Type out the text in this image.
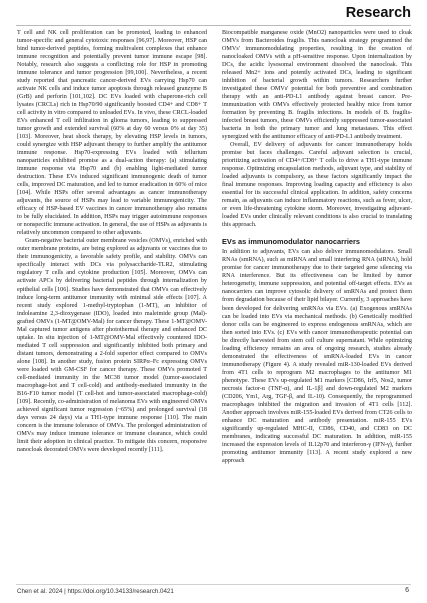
Research

T cell and NK cell proliferation can be promoted, leading to enhanced tumor-specific and general cytotoxic responses [96,97]. Moreover, HSP can bind tumor-derived peptides, forming multivalent complexes that enhance immune recognition and potentially prevent tumor immune escape [98]. Notably, research also suggests a conflicting role for HSP in promoting immune tolerance and tumor progression [99,100]. Nevertheless, a recent study reported that pancreatic cancer-derived EVs carrying Hsp70 can activate NK cells and induce tumor apoptosis through released granzyme B (GrB) and perforin [101,102]. DC EVs loaded with chaperone-rich cell lysates (CRCLs) rich in Hsp70/90 significantly boosted CD4+ and CD8+ T cell activity in vitro compared to unloaded EVs. In vivo, these CRCL-loaded EVs enhanced T cell infiltration in glioma tumors, leading to suppressed tumor growth and extended survival (60% at day 60 versus 0% at day 35) [103]. Moreover, heat shock therapy, by elevating HSP levels in tumors, could synergize with HSP adjuvant therapy to further amplify the antitumor immune response. Hsp70-expressing EVs loaded with tellurium nanoparticles exhibited promise as a dual-action therapy: (a) stimulating immune response via Hsp70 and (b) enabling light-mediated tumor destruction. These EVs induced significant immunogenic death of tumor cells, improved DC maturation, and led to tumor eradication in 60% of mice [104]. While HSPs offer several advantages as cancer immunotherapy adjuvants, the source of HSPs may lead to variable immunogenicity. The efficacy of HSP-based EV vaccines in cancer immunotherapy also remains to be fully elucidated. In addition, HSPs may trigger autoimmune responses or nonspecific immune activation. In general, the use of HSPs as adjuvants is relatively uncommon compared to other adjuvants.

Gram-negative bacterial outer membrane vesicles (OMVs), enriched with outer membrane proteins, are being explored as adjuvants or vaccines due to their immunogenicity, a favorable safety profile, and stability. OMVs can specifically interact with DCs via polysaccharide-TLR2, stimulating regulatory T cells and cytokine production [105]. Moreover, OMVs can activate APCs by delivering bacterial peptides through internalization by epithelial cells [106]. Studies have demonstrated that OMVs can effectively induce long-term antitumor immunity with minimal side effects [107]. A recent study explored 1-methyl-tryptophan (1-MT), an inhibitor of indoleamine 2,3-dioxygenase (IDO), loaded into maleimide group (Mal)-grafted OMVs (1-MT@OMV-Mal) for cancer therapy. These 1-MT@OMV-Mal captured tumor antigens after photothermal therapy and enhanced DC uptake. In situ injection of 1-MT@OMV-Mal effectively countered IDO-mediated T cell suppression and significantly inhibited both primary and distant tumors, demonstrating a 2-fold superior effect compared to OMVs alone [108]. In another study, fusion protein SIRPα–Fc expressing OMVs were loaded with GM-CSF for cancer therapy. These OMVs promoted T cell-mediated immunity in the MC38 tumor model (tumor-associated macrophage-hot and T cell-cold) and antibody-mediated immunity in the B16-F10 tumor model (T cell-hot and tumor-associated macrophage-cold) [109]. Recently, co-administration of melanoma EVs with engineered OMVs achieved significant tumor regression (~65%) and prolonged survival (18 days versus 24 days) via a TH1-type immune response [110]. The main concern is the immune tolerance of OMVs. The prolonged administration of OMVs may induce immune tolerance or immune clearance, which could limit their adoption in clinical practice. To mitigate this concern, responsive nanocloak decorated OMVs were developed recently [111].

Biocompatible manganese oxide (MnO2) nanoparticles were used to cloak OMVs from Bacteroides fragilis. This nanocloak strategy programmed the OMVs' immunomodulating properties, resulting in the creation of nanocloaked OMVs with a pH-sensitive response. Upon internalization by DCs, the acidic lysosomal environment dissolved the nanocloak. This released Mn2+ ions and potently activated DCs, leading to significant inhibition of bacterial growth within tumors. Researchers further investigated these OMVs' potential for both preventive and combination therapy with an anti-PD-L1 antibody against breast cancer. Pre-immunization with OMVs effectively protected healthy mice from tumor formation by preventing B. fragilis infections. In models of B. fragilis-infected breast tumors, these OMVs efficiently suppressed tumor-associated bacteria in both the primary tumor and lung metastases. This effect synergized with the antitumor efficacy of anti-PD-L1 antibody treatment.

Overall, EV delivery of adjuvants for cancer immunotherapy holds promise but faces challenges. Careful adjuvant selection is crucial, prioritizing activation of CD4+/CD8+ T cells to drive a TH1-type immune response. Optimizing encapsulation methods, adjuvant type, and stability of loaded adjuvants is compulsory, as these factors significantly impact the final immune responses. Improving loading capacity and efficiency is also essential for its successful clinical application. In addition, safety concerns remain, as adjuvants can induce inflammatory reactions, such as fever, ulcer, or even life-threatening cytokine storm. Moreover, investigating adjuvant-loaded EVs under clinically relevant conditions is also crucial to translating this approach.

EVs as immunomodulator nanocarriers

In addition to adjuvants, EVs can also deliver immunomodulators. Small RNAs (smRNA), such as miRNA and small interfering RNA (siRNA), hold promise for cancer immunotherapy due to their targeted gene silencing via RNA interference. But its effectiveness can be limited by tumor heterogeneity, immune suppression, and potential off-target effects. EVs as nanocarriers can improve cytosolic delivery of smRNAs and protect them from degradation because of their lipid bilayer. Currently, 3 approaches have been developed for delivering smRNAs via EVs. (a) Exogenous smRNAs can be loaded into EVs via mechanical methods. (b) Genetically modified donor cells can be engineered to express endogenous smRNAs, which are then sorted into EVs. (c) EVs with cancer immunotherapeutic potential can be directly harvested from stem cell culture supernatant. While optimizing loading efficiency remains an area of ongoing research, studies already demonstrated the effectiveness of smRNA-loaded EVs in cancer immunotherapy (Figure 4). A study revealed miR-130-loaded EVs derived from 4T1 cells to reprogram M2 macrophages to the antitumor M1 phenotype. These EVs up-regulated M1 markers [CD86, Irf5, Nos2, tumor necrosis factor-α (TNF-α), and IL-1β] and down-regulated M2 markers (CD206, Ym1, Arg, TGF-β, and IL-10). Consequently, the reprogrammed macrophages inhibited the migration and invasion of 4T1 cells [112]. Another approach involves miR-155-loaded EVs derived from CT26 cells to enhance DC maturation and antibody presentation. miR-155 EVs significantly up-regulated MHC-II, CD86, CD40, and CD83 on DC membranes, indicating successful DC maturation. In addition, miR-155 increased the expression levels of IL12p70 and interferon-γ (IFN-γ), further promoting antitumor immunity [113]. A recent study explored a new approach

Chen et al. 2024 | https://doi.org/10.34133/research.0421	6
